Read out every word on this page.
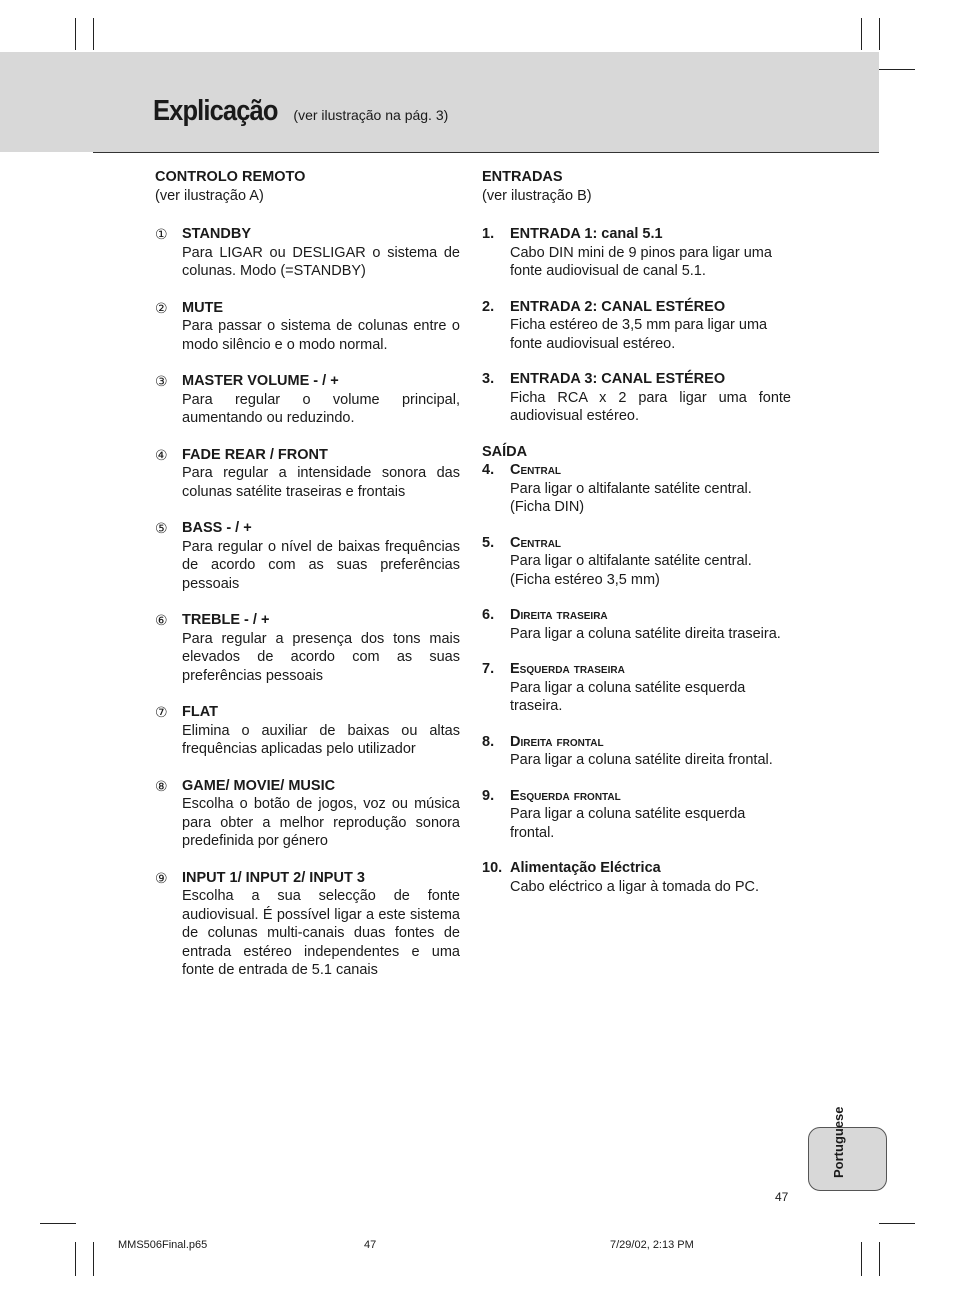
Explicação (ver ilustração na pág. 3)
CONTROLO REMOTO
(ver ilustração A)
① STANDBY
Para LIGAR ou DESLIGAR o sistema de colunas. Modo (=STANDBY)
② MUTE
Para passar o sistema de colunas entre o modo silêncio e o modo normal.
③ MASTER VOLUME - / +
Para regular o volume principal, aumentando ou reduzindo.
④ FADE REAR / FRONT
Para regular a intensidade sonora das colunas satélite traseiras e frontais
⑤ BASS - / +
Para regular o nível de baixas frequências de acordo com as suas preferências pessoais
⑥ TREBLE - / +
Para regular a presença dos tons mais elevados de acordo com as suas preferências pessoais
⑦ FLAT
Elimina o auxiliar de baixas ou altas frequências aplicadas pelo utilizador
⑧ GAME/ MOVIE/ MUSIC
Escolha o botão de jogos, voz ou música para obter a melhor reprodução sonora predefinida por género
⑨ INPUT 1/ INPUT 2/ INPUT 3
Escolha a sua selecção de fonte audiovisual. É possível ligar a este sistema de colunas multi-canais duas fontes de entrada estéreo independentes e uma fonte de entrada de 5.1 canais
ENTRADAS
(ver ilustração B)
1. ENTRADA 1: canal 5.1
Cabo DIN mini de 9 pinos para ligar uma fonte audiovisual de canal 5.1.
2. ENTRADA 2: CANAL ESTÉREO
Ficha estéreo de 3,5 mm para ligar uma fonte audiovisual estéreo.
3. ENTRADA 3: CANAL ESTÉREO
Ficha RCA x 2 para ligar uma fonte audiovisual estéreo.
SAÍDA
4. Central
Para ligar o altifalante satélite central. (Ficha DIN)
5. Central
Para ligar o altifalante satélite central. (Ficha estéreo 3,5 mm)
6. Direita traseira
Para ligar a coluna satélite direita traseira.
7. Esquerda traseira
Para ligar a coluna satélite esquerda traseira.
8. Direita frontal
Para ligar a coluna satélite direita frontal.
9. Esquerda frontal
Para ligar a coluna satélite esquerda frontal.
10. Alimentação Eléctrica
Cabo eléctrico a ligar à tomada do PC.
Portuguese
47
MMS506Final.p65	47	7/29/02, 2:13 PM
